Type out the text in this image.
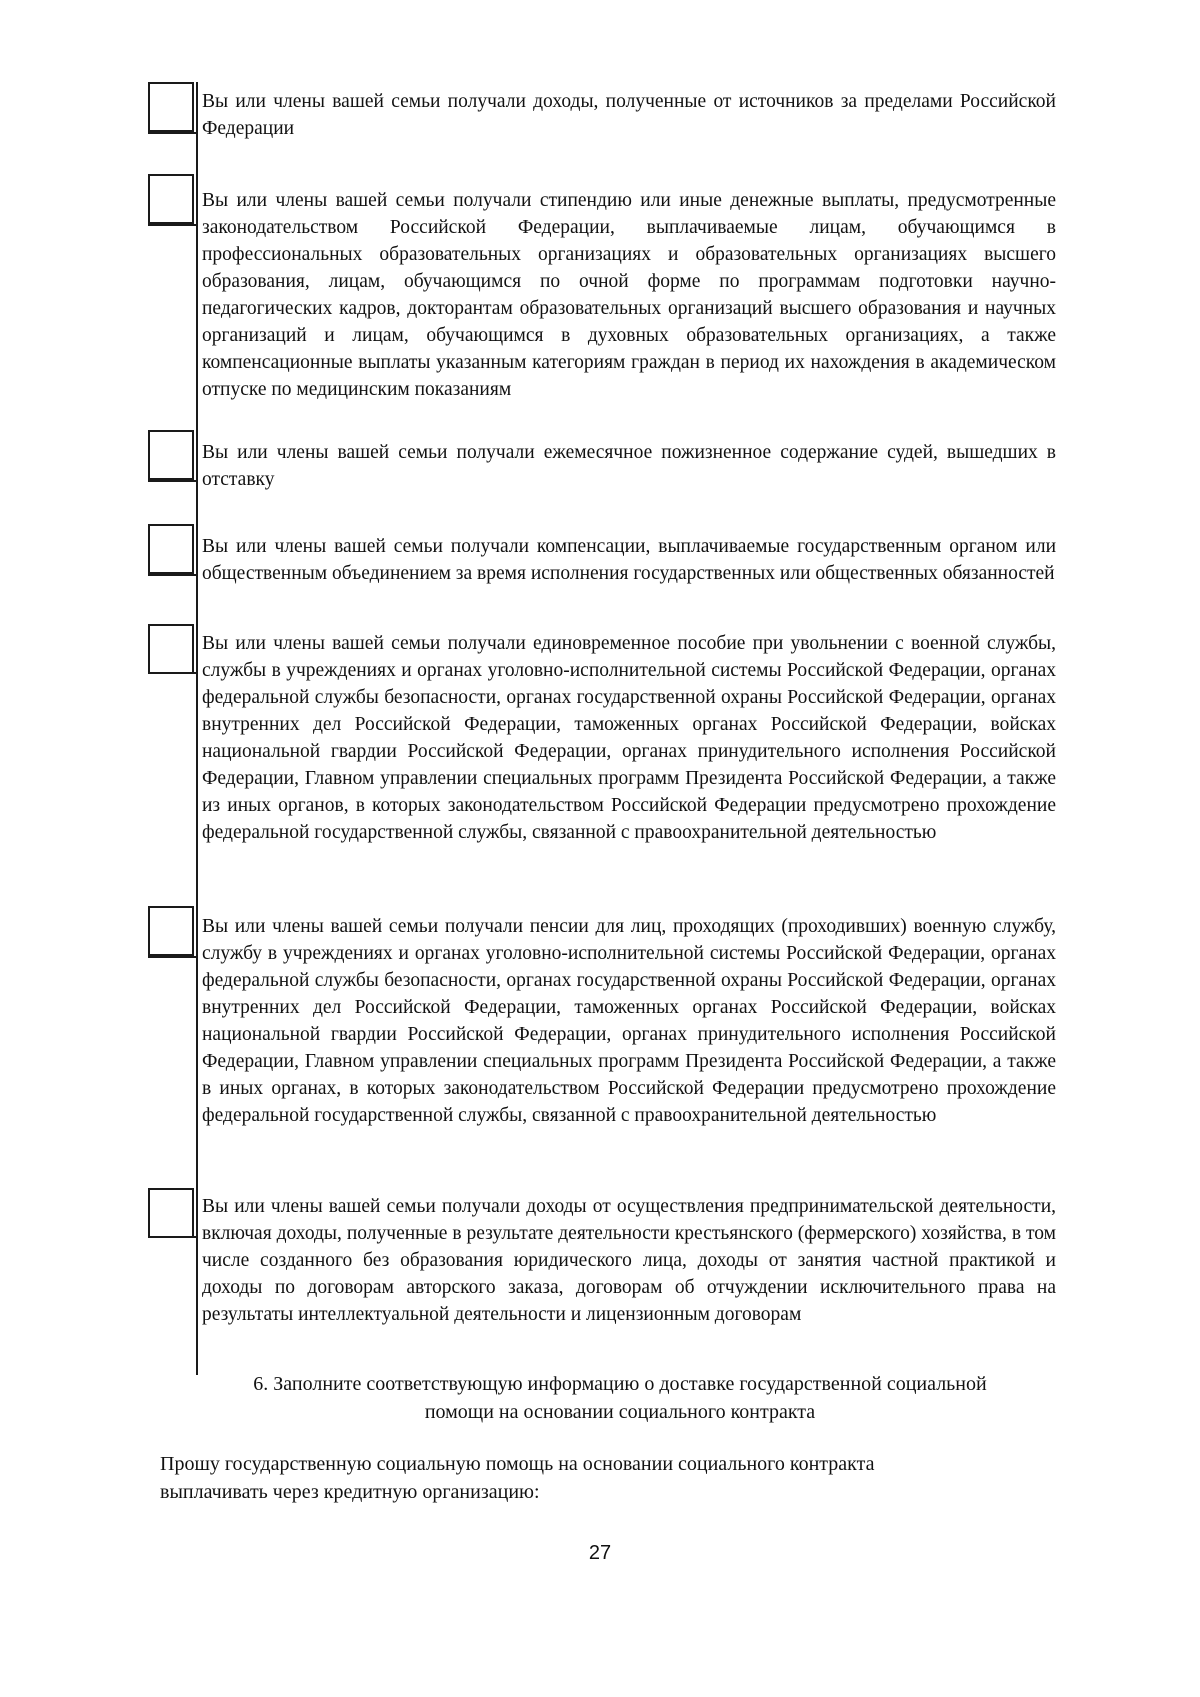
Вы или члены вашей семьи получали доходы, полученные от источников за пределами Российской Федерации

Вы или члены вашей семьи получали стипендию или иные денежные выплаты, предусмотренные законодательством Российской Федерации, выплачиваемые лицам, обучающимся в профессиональных образовательных организациях и образовательных организациях высшего образования, лицам, обучающимся по очной форме по программам подготовки научно-педагогических кадров, докторантам образовательных организаций высшего образования и научных организаций и лицам, обучающимся в духовных образовательных организациях, а также компенсационные выплаты указанным категориям граждан в период их нахождения в академическом отпуске по медицинским показаниям

Вы или члены вашей семьи получали ежемесячное пожизненное содержание судей, вышедших в отставку

Вы или члены вашей семьи получали компенсации, выплачиваемые государственным органом или общественным объединением за время исполнения государственных или общественных обязанностей

Вы или члены вашей семьи получали единовременное пособие при увольнении с военной службы, службы в учреждениях и органах уголовно-исполнительной системы Российской Федерации, органах федеральной службы безопасности, органах государственной охраны Российской Федерации, органах внутренних дел Российской Федерации, таможенных органах Российской Федерации, войсках национальной гвардии Российской Федерации, органах принудительного исполнения Российской Федерации, Главном управлении специальных программ Президента Российской Федерации, а также из иных органов, в которых законодательством Российской Федерации предусмотрено прохождение федеральной государственной службы, связанной с правоохранительной деятельностью

Вы или члены вашей семьи получали пенсии для лиц, проходящих (проходивших) военную службу, службу в учреждениях и органах уголовно-исполнительной системы Российской Федерации, органах федеральной службы безопасности, органах государственной охраны Российской Федерации, органах внутренних дел Российской Федерации, таможенных органах Российской Федерации, войсках национальной гвардии Российской Федерации, органах принудительного исполнения Российской Федерации, Главном управлении специальных программ Президента Российской Федерации, а также в иных органах, в которых законодательством Российской Федерации предусмотрено прохождение федеральной государственной службы, связанной с правоохранительной деятельностью

Вы или члены вашей семьи получали доходы от осуществления предпринимательской деятельности, включая доходы, полученные в результате деятельности крестьянского (фермерского) хозяйства, в том числе созданного без образования юридического лица, доходы от занятия частной практикой и доходы по договорам авторского заказа, договорам об отчуждении исключительного права на результаты интеллектуальной деятельности и лицензионным договорам

6. Заполните соответствующую информацию о доставке государственной социальной
помощи на основании социального контракта

Прошу государственную социальную помощь на основании социального контракта
выплачивать через кредитную организацию:

27
